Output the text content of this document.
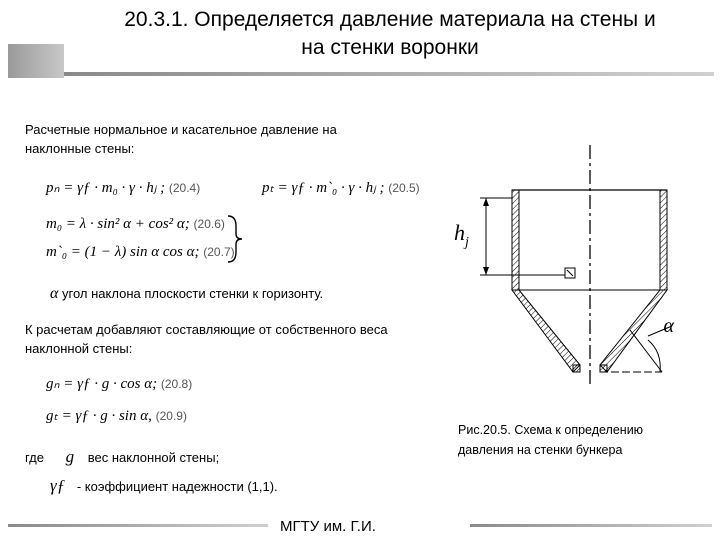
20.3.1. Определяется давление материала на стены и
на стенки воронки
Расчетные нормальное и касательное давление на
наклонные стены:
pₙ = γƒ · m₀ · γ · hⱼ ; (20.4)	pₜ = γƒ · m`₀ · γ · hⱼ ; (20.5)
m₀ = λ · sin² α + cos² α; (20.6)
m`₀ = (1 − λ) sin α cos α; (20.7)
α угол наклона плоскости стенки к горизонту.
К расчетам добавляют составляющие от собственного веса
наклонной стены:
gₙ = γƒ · g · cos α; (20.8)
gₜ = γƒ · g · sin α, (20.9)
где g вес наклонной стены;
γƒ - коэффициент надежности (1,1).
$h_j$
α
Рис.20.5. Схема к определению
давления на стенки бункера
МГТУ им. Г.И.
